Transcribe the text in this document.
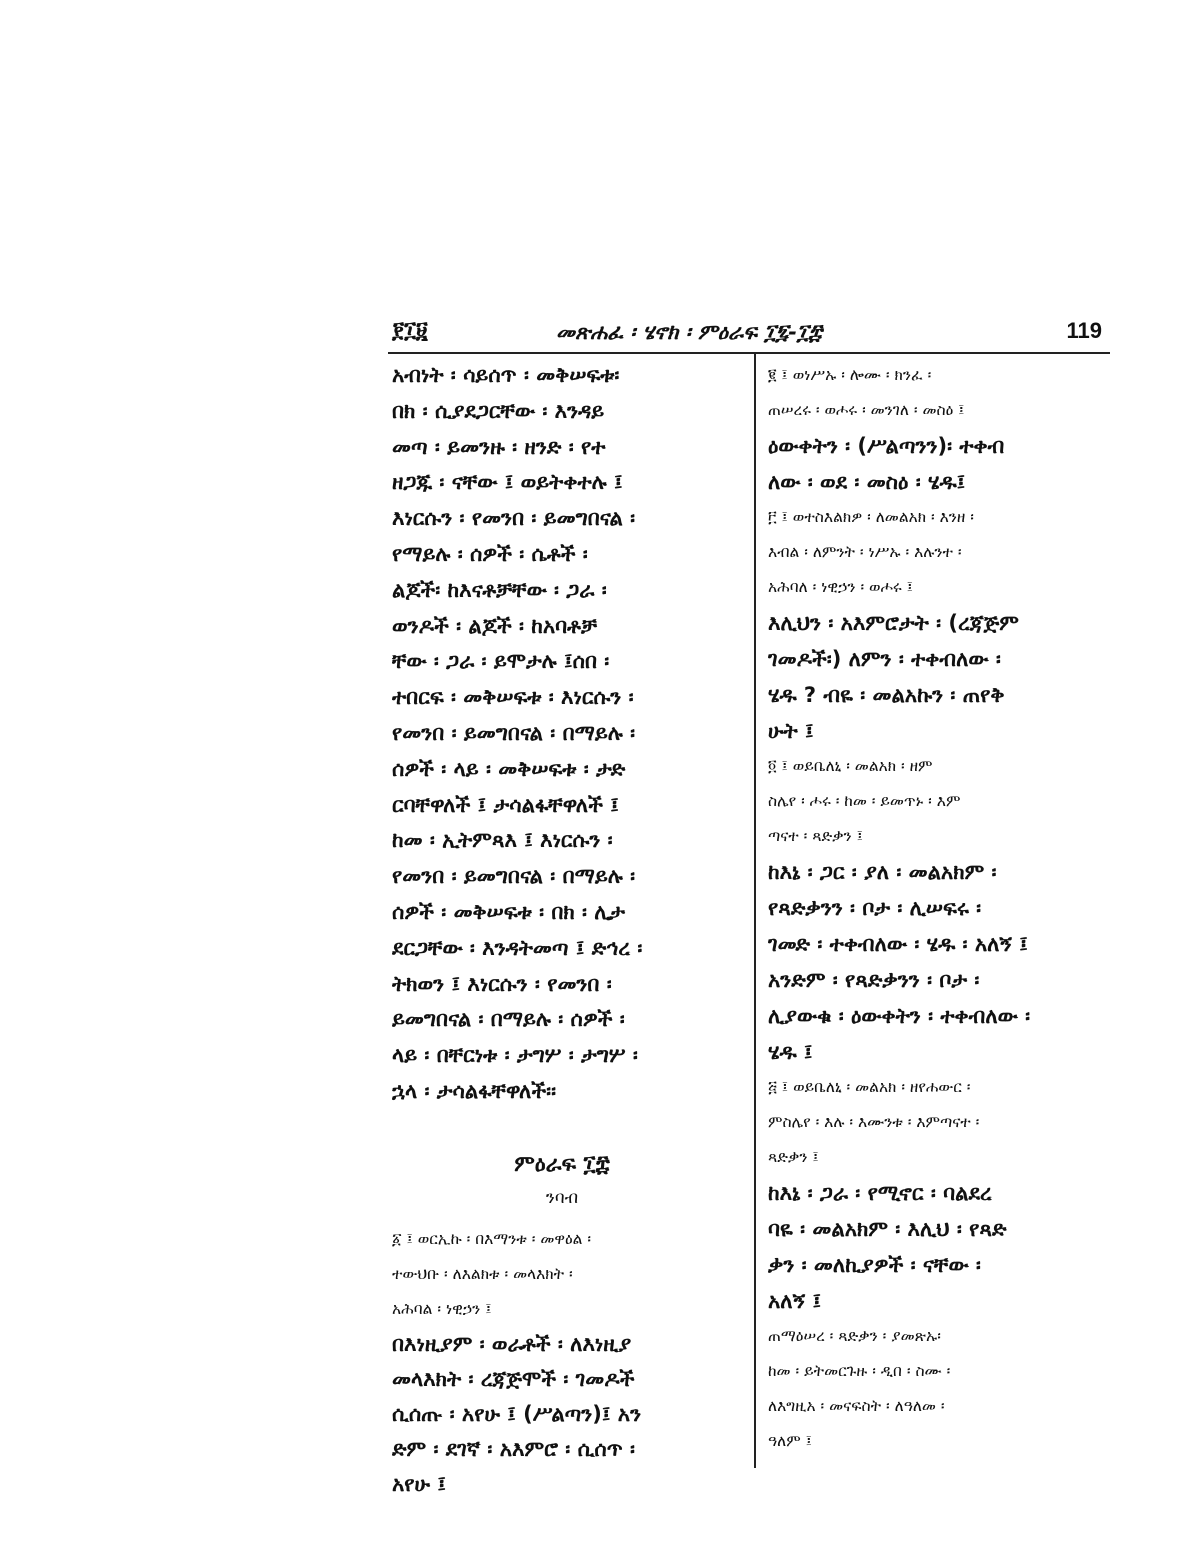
፻፲፱	መጽሐፈ ፡ ሄኖክ ፡ ምዕራፍ ፲፯-፲፰	119
አብነት ፡ ሳይሰጥ ፡ መቅሠፍቱ፡
በክ ፡ ሲያደጋርቸው ፡ እንዳይ
መጣ ፡ ይመንዙ ፡ ዘንድ ፡ የተ
ዘጋጁ ፡ ናቸው ፤ ወይትቀተሉ ፤
እነርሱን ፡ የመንበ ፡ ይመግበናል ፡
የማይሉ ፡ ሰዎች ፡ ሴቶች ፡
ልጆች፡ ከእናቶቻቸው ፡ ጋራ ፡
ወንዶች ፡ ልጆች ፡ ከአባቶቻ
ቸው ፡ ጋራ ፡ ይሞታሉ ፤ሰበ ፡
ተበርፍ ፡ መቅሠፍቱ ፡ እነርሱን ፡
የመንበ ፡ ይመግበናል ፡ በማይሉ ፡
ሰዎች ፡ ላይ ፡ መቅሠፍቱ ፡ ታድ
ርባቸዋለች ፤ ታሳልፋቸዋለች ፤
ከመ ፡ ኢትምጻእ ፤ እነርሱን ፡
የመንበ ፡ ይመግበናል ፡ በማይሉ ፡
ሰዎች ፡ መቅሠፍቱ ፡ በክ ፡ ሊታ
ደርጋቸው ፡ እንዳትመጣ ፤ ድኅረ ፡
ትክወን ፤ እነርሱን ፡ የመንበ ፡
ይመግበናል ፡ በማይሉ ፡ ሰዎች ፡
ላይ ፡ በቸርነቱ ፡ ታግሦ ፡ ታግሦ ፡
ኋላ ፡ ታሳልፋቸዋለች፡፡
ምዕራፍ ፲፰
ንባብ
፩ ፤ ወርኢኩ ፡ በእማንቱ ፡ መዋዕል ፡
ተውህቡ ፡ ለእልክቱ ፡ መላእክት ፡
አሕባል ፡ ነዊኃን ፤
በእነዚያም ፡ ወራቶች ፡ ለእነዚያ
መላእክት ፡ ረጃጅሞች ፡ ገመዶች
ሲሰጡ ፡ አየሁ ፤ (ሥልጣን)፤ አን
ድም ፡ ደገኛ ፡ አእምሮ ፡ ሲሰጥ ፡
አየሁ ፤
፪ ፤ ወነሥኡ ፡ ሎሙ ፡ ክንፈ ፡
ጠሠረሩ ፡ ወሖሩ ፡ መንገለ ፡ መስዕ ፤
ዕውቀትን ፡ (ሥልጣንን)፡ ተቀብ
ለው ፡ ወደ ፡ መስዕ ፡ ሄዱ፤
፫ ፤ ወተስእልክዎ ፡ ለመልአክ ፡ እንዘ ፡
እብል ፡ ለምንት ፡ ነሥኡ ፡ እሉንተ ፡
አሕባለ ፡ ነዊኃን ፡ ወሖሩ ፤
እሊህን ፡ አእምሮታት ፡ (ረጃጅም
ገመዶች፡) ለምን ፡ ተቀብለው ፡
ሄዱ ? ብዬ ፡ መልአኩን ፡ ጠየቅ
ሁት ፤
፬ ፤ ወይቤለኒ ፡ መልአክ ፡ ዘም
ስሌየ ፡ ሖሩ ፡ ከመ ፡ ይመጥኑ ፡ እም
ጣናተ ፡ ጻድቃን ፤
ከእኔ ፡ ጋር ፡ ያለ ፡ መልአክም ፡
የጻድቃንን ፡ ቦታ ፡ ሊሠፍሩ ፡
ገመድ ፡ ተቀብለው ፡ ሄዱ ፡ አለኝ ፤
አንድም ፡ የጻድቃንን ፡ ቦታ ፡
ሊያውቁ ፡ ዕውቀትን ፡ ተቀብለው ፡
ሄዱ ፤
፭ ፤ ወይቤለኒ ፡ መልአክ ፡ ዘየሐውር ፡
ምስሌየ ፡ እሉ ፡ እሙንቱ ፡ እምጣናተ ፡
ጻድቃን ፤
ከእኔ ፡ ጋራ ፡ የሚኖር ፡ ባልደረ
ባዬ ፡ መልአክም ፡ እሊህ ፡ የጻድ
ቃን ፡ መለኪያዎች ፡ ናቸው ፡
አለኝ ፤
ጠማዕሠረ ፡ ጻድቃን ፡ ያመጽኡ፡
ከመ ፡ ይትመርጉዙ ፡ ዲበ ፡ ስሙ ፡
ለእግዚአ ፡ መናፍስት ፡ ለዓለመ ፡
ዓለም ፤
